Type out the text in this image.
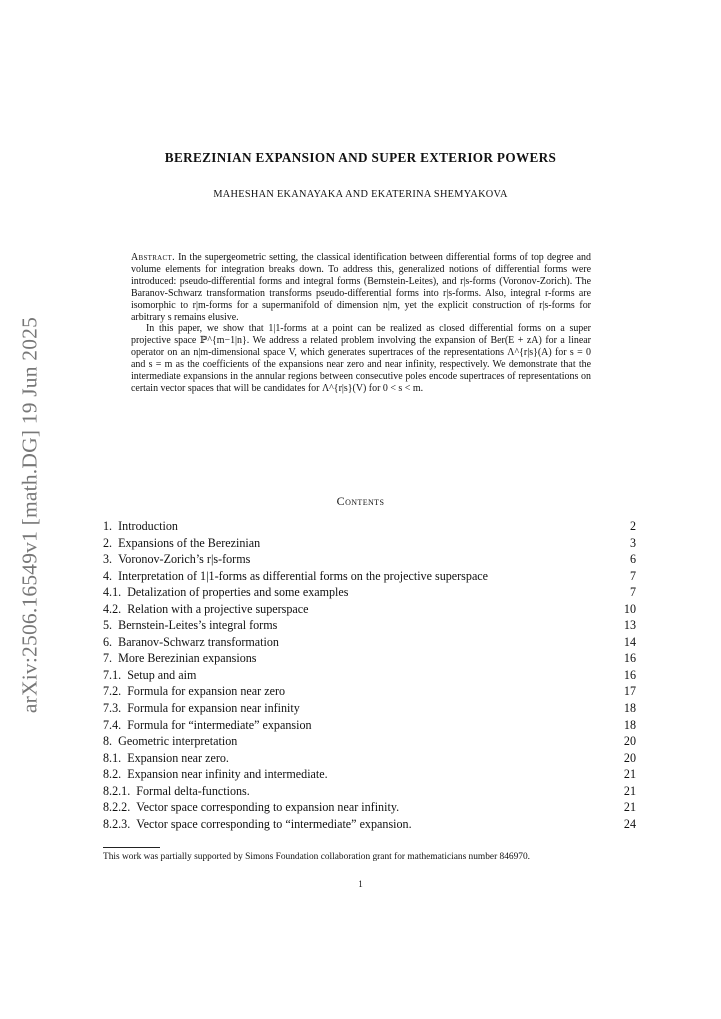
arXiv:2506.16549v1 [math.DG] 19 Jun 2025
BEREZINIAN EXPANSION AND SUPER EXTERIOR POWERS
MAHESHAN EKANAYAKA AND EKATERINA SHEMYAKOVA

Abstract. In the supergeometric setting, the classical identification between differential forms of top degree and volume elements for integration breaks down. To address this, generalized notions of differential forms were introduced: pseudo-differential forms and integral forms (Bernstein-Leites), and r|s-forms (Voronov-Zorich). The Baranov-Schwarz transformation transforms pseudo-differential forms into r|s-forms. Also, integral r-forms are isomorphic to r|m-forms for a supermanifold of dimension n|m, yet the explicit construction of r|s-forms for arbitrary s remains elusive.

In this paper, we show that 1|1-forms at a point can be realized as closed differential forms on a super projective space ℙ^{m−1|n}. We address a related problem involving the expansion of Ber(E + zA) for a linear operator on an n|m-dimensional space V, which generates supertraces of the representations Λ^{r|s}(A) for s = 0 and s = m as the coefficients of the expansions near zero and near infinity, respectively. We demonstrate that the intermediate expansions in the annular regions between consecutive poles encode supertraces of representations on certain vector spaces that will be candidates for Λ^{r|s}(V) for 0 < s < m.

Contents
1. Introduction	2
2. Expansions of the Berezinian	3
3. Voronov-Zorich’s r|s-forms	6
4. Interpretation of 1|1-forms as differential forms on the projective superspace	7
4.1. Detalization of properties and some examples	7
4.2. Relation with a projective superspace	10
5. Bernstein-Leites’s integral forms	13
6. Baranov-Schwarz transformation	14
7. More Berezinian expansions	16
7.1. Setup and aim	16
7.2. Formula for expansion near zero	17
7.3. Formula for expansion near infinity	18
7.4. Formula for “intermediate” expansion	18
8. Geometric interpretation	20
8.1. Expansion near zero.	20
8.2. Expansion near infinity and intermediate.	21
8.2.1. Formal delta-functions.	21
8.2.2. Vector space corresponding to expansion near infinity.	21
8.2.3. Vector space corresponding to “intermediate” expansion.	24

This work was partially supported by Simons Foundation collaboration grant for mathematicians number 846970.

1
